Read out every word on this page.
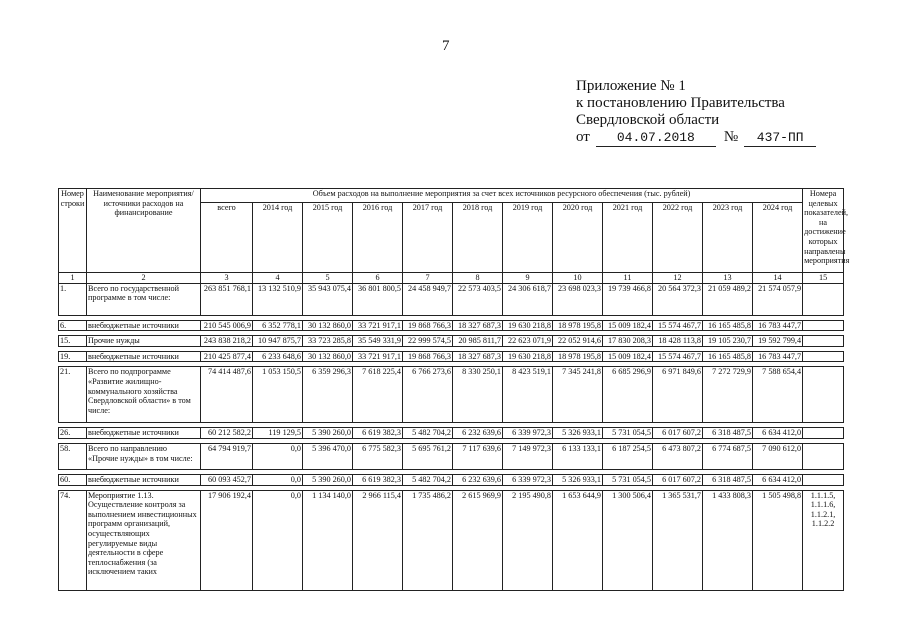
7
Приложение № 1
к постановлению Правительства
Свердловской области
от	04.07.2018	№	437-ПП
Номер строки	Наименование мероприятия/ источники расходов на финансирование	Объем расходов на выполнение мероприятия за счет всех источников ресурсного обеспечения (тыс. рублей)												Номера целевых показателей, на достижение которых направлены мероприятия
		всего	2014 год	2015 год	2016 год	2017 год	2018 год	2019 год	2020 год	2021 год	2022 год	2023 год	2024 год	
1	2	3	4	5	6	7	8	9	10	11	12	13	14	15
1.	Всего по государственной программе в том числе:	263 851 768,1	13 132 510,9	35 943 075,4	36 801 800,5	24 458 949,7	22 573 403,5	24 306 618,7	23 698 023,3	19 739 466,8	20 564 372,3	21 059 489,2	21 574 057,9	

6.	внебюджетные источники	210 545 006,9	6 352 778,1	30 132 860,0	33 721 917,1	19 868 766,3	18 327 687,3	19 630 218,8	18 978 195,8	15 009 182,4	15 574 467,7	16 165 485,8	16 783 447,7	

15.	Прочие нужды	243 838 218,2	10 947 875,7	33 723 285,8	35 549 331,9	22 999 574,5	20 985 811,7	22 623 071,9	22 052 914,6	17 830 208,3	18 428 113,8	19 105 230,7	19 592 799,4	

19.	внебюджетные источники	210 425 877,4	6 233 648,6	30 132 860,0	33 721 917,1	19 868 766,3	18 327 687,3	19 630 218,8	18 978 195,8	15 009 182,4	15 574 467,7	16 165 485,8	16 783 447,7	

21.	Всего по подпрограмме «Развитие жилищно-коммунального хозяйства Свердловской области» в том числе:	74 414 487,6	1 053 150,5	6 359 296,3	7 618 225,4	6 766 273,6	8 330 250,1	8 423 519,1	7 345 241,8	6 685 296,9	6 971 849,6	7 272 729,9	7 588 654,4	

26.	внебюджетные источники	60 212 582,2	119 129,5	5 390 260,0	6 619 382,3	5 482 704,2	6 232 639,6	6 339 972,3	5 326 933,1	5 731 054,5	6 017 607,2	6 318 487,5	6 634 412,0	

58.	Всего по направлению «Прочие нужды» в том числе:	64 794 919,7	0,0	5 396 470,0	6 775 582,3	5 695 761,2	7 117 639,6	7 149 972,3	6 133 133,1	6 187 254,5	6 473 807,2	6 774 687,5	7 090 612,0	

60.	внебюджетные источники	60 093 452,7	0,0	5 390 260,0	6 619 382,3	5 482 704,2	6 232 639,6	6 339 972,3	5 326 933,1	5 731 054,5	6 017 607,2	6 318 487,5	6 634 412,0	

74.	Мероприятие 1.13. Осуществление контроля за выполнением инвестиционных программ организаций, осуществляющих регулируемые виды деятельности в сфере теплоснабжения (за исключением таких	17 906 192,4	0,0	1 134 140,0	2 966 115,4	1 735 486,2	2 615 969,9	2 195 490,8	1 653 644,9	1 300 506,4	1 365 531,7	1 433 808,3	1 505 498,8	1.1.1.5, 1.1.1.6, 1.1.2.1, 1.1.2.2
